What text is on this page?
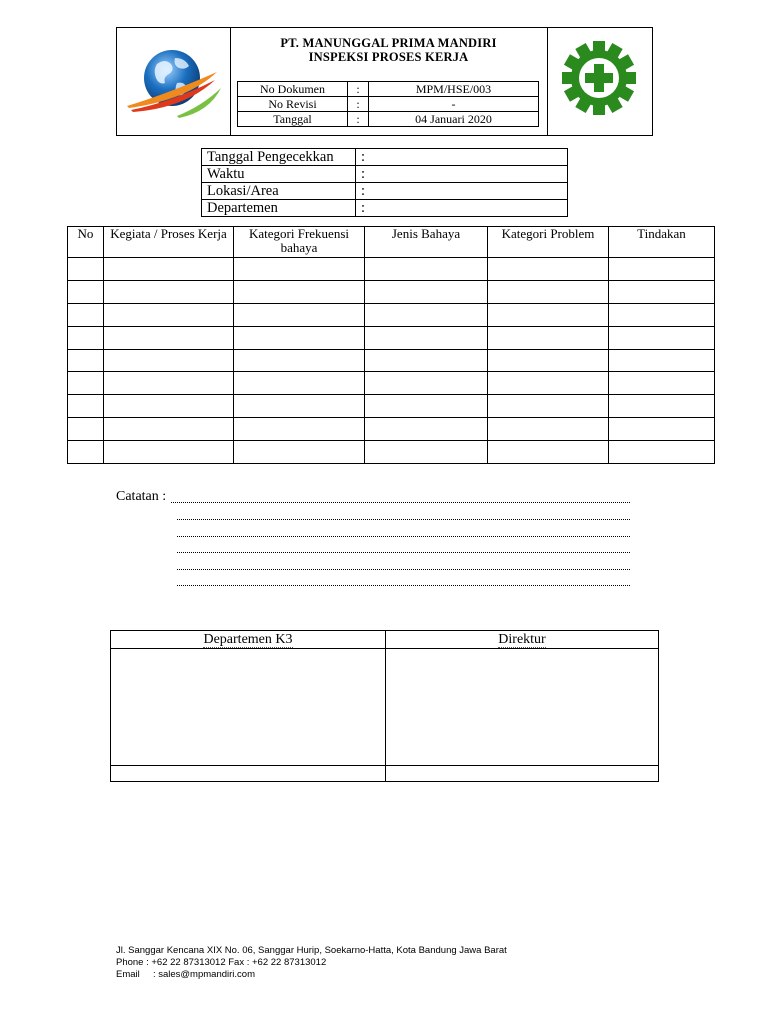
PT. MANUNGGAL PRIMA MANDIRI
INSPEKSI PROSES KERJA
No Dokumen	:	MPM/HSE/003
No Revisi	:	-
Tanggal	:	04 Januari 2020
Tanggal Pengecekkan	:
Waktu	:
Lokasi/Area	:
Departemen	:
No	Kegiata / Proses Kerja	Kategori Frekuensi bahaya	Jenis Bahaya	Kategori Problem	Tindakan

Catatan :
Departemen K3	Direktur

Jl. Sanggar Kencana XIX No. 06, Sanggar Hurip, Soekarno-Hatta, Kota Bandung Jawa Barat
Phone : +62 22 87313012 Fax : +62 22 87313012
Email     : sales@mpmandiri.com
